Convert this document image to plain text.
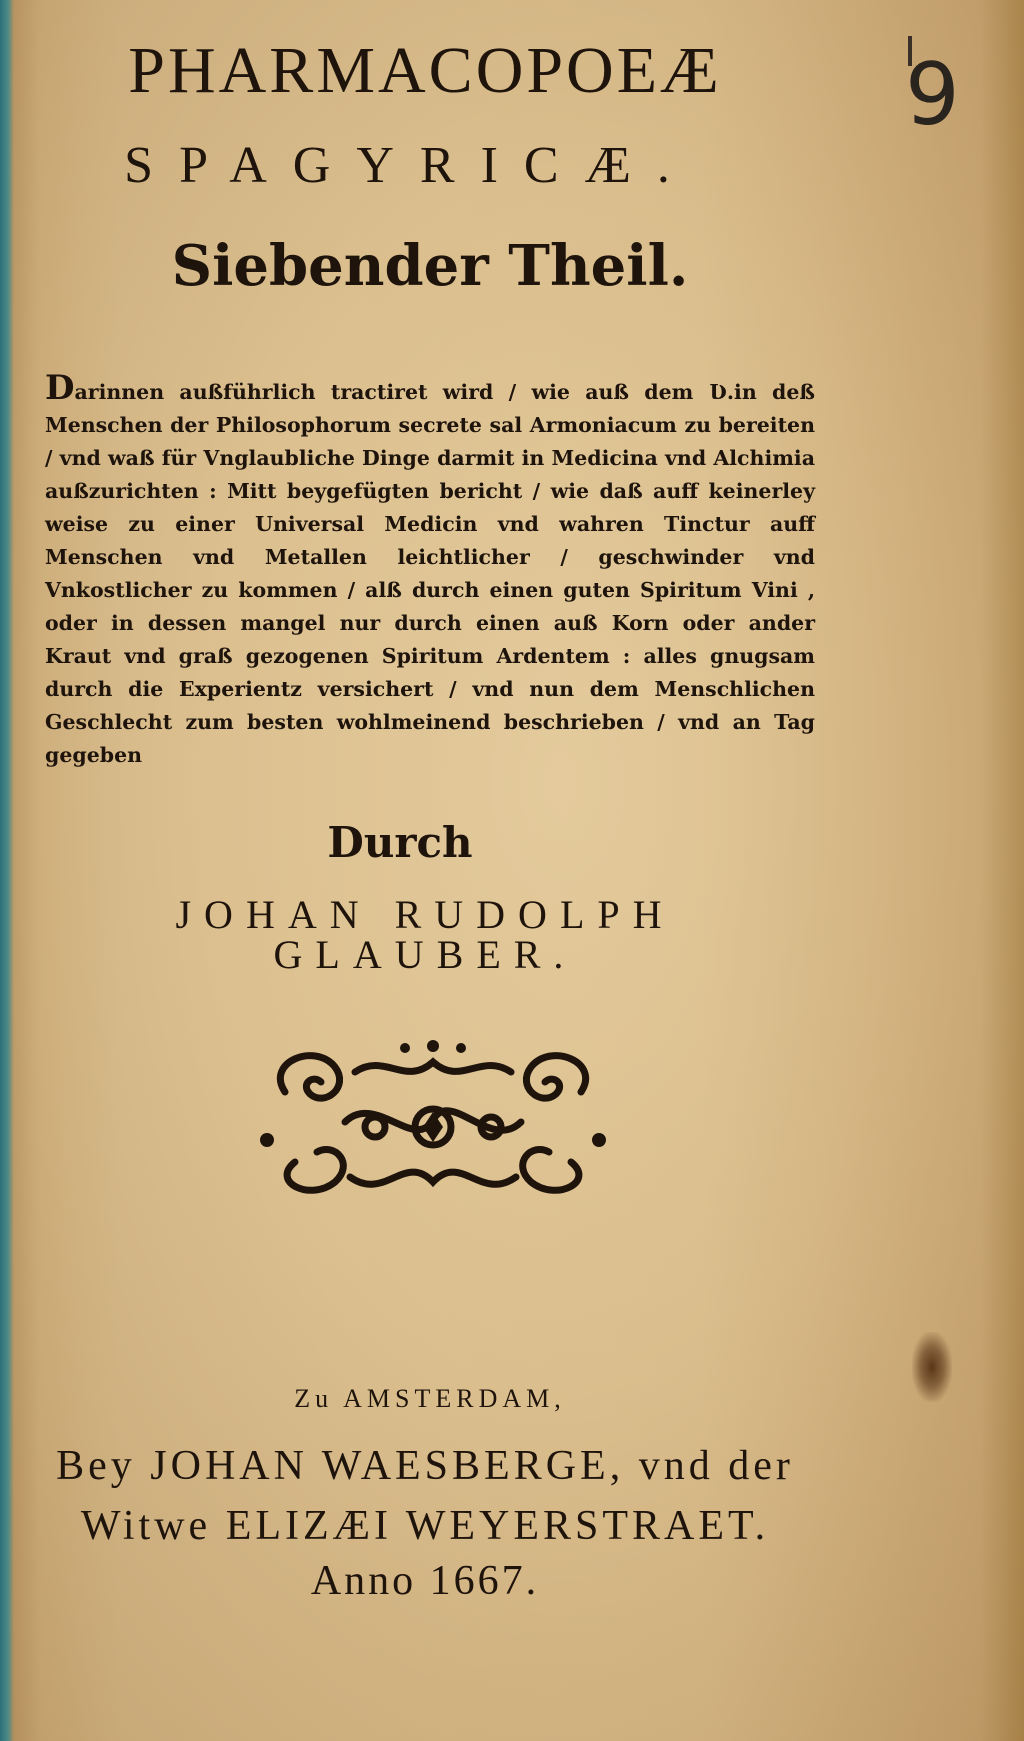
9
PHARMACOPOEÆ
SPAGYRICÆ.
Siebender Theil.
Darinnen außführlich tractiret wird / wie auß dem Ʋ.in deß Menschen der Philosophorum secrete sal Armoniacum zu bereiten / vnd waß für Vnglaubliche Dinge darmit in Medicina vnd Alchimia außzurichten : Mitt beygefügten bericht / wie daß auff keinerley weise zu einer Universal Medicin vnd wahren Tinctur auff Menschen vnd Metallen leichtlicher / geschwinder vnd Vnkostlicher zu kommen / alß durch einen guten Spiritum Vini , oder in dessen mangel nur durch einen auß Korn oder ander Kraut vnd graß gezogenen Spiritum Ardentem : alles gnugsam durch die Experientz versichert / vnd nun dem Menschlichen Geschlecht zum besten wohlmeinend beschrieben / vnd an Tag gegeben
Durch
JOHAN RUDOLPH GLAUBER.
Zu AMSTERDAM,
Bey JOHAN WAESBERGE, vnd der
Witwe ELIZÆI WEYERSTRAET.
Anno 1667.
